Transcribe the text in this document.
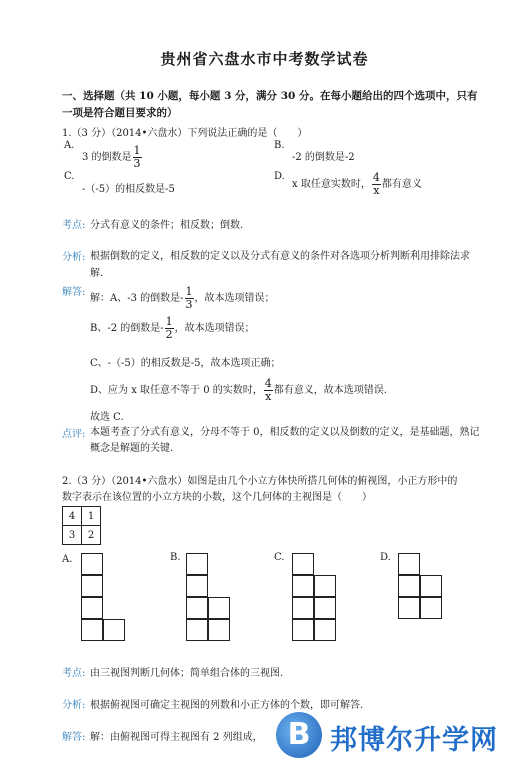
贵州省六盘水市中考数学试卷
一、选择题（共 10 小题，每小题 3 分，满分 30 分。在每小题给出的四个选项中，只有一项是符合题目要求的）
1.（3 分）（2014•六盘水）下列说法正确的是（　　）
A.
3 的倒数是 $\frac{1}{3}$	B.
-2 的倒数是-2
C.
-（-5）的相反数是-5
D.
x 取任意实数时， $\frac{4}{x}$ 都有意义
考点: 分式有意义的条件；相反数；倒数.
分析: 根据倒数的定义，相反数的定义以及分式有意义的条件对各选项分析判断利用排除法求解.
解答:
解：A、-3 的倒数是- $\frac{1}{3}$ ，故本选项错误；
B、-2 的倒数是- $\frac{1}{2}$ ，故本选项错误；
C、-（-5）的相反数是-5，故本选项正确；
D、应为 x 取任意不等于 0 的实数时， $\frac{4}{x}$ 都有意义，故本选项错误.
故选 C.
点评: 本题考查了分式有意义，分母不等于 0，相反数的定义以及倒数的定义，是基础题，熟记概念是解题的关键.
2.（3 分）（2014•六盘水）如图是由几个小立方体快所搭几何体的俯视图，小正方形中的
数字表示在该位置的小立方块的小数，这个几何体的主视图是（　　）
4	1
3	2
A.	B.	C.	D.
考点: 由三视图判断几何体；简单组合体的三视图.
分析: 根据俯视图可确定主视图的列数和小正方体的个数，即可解答.
解答: 解：由俯视图可得主视图有 2 列组成， B 邦博尔升学网
